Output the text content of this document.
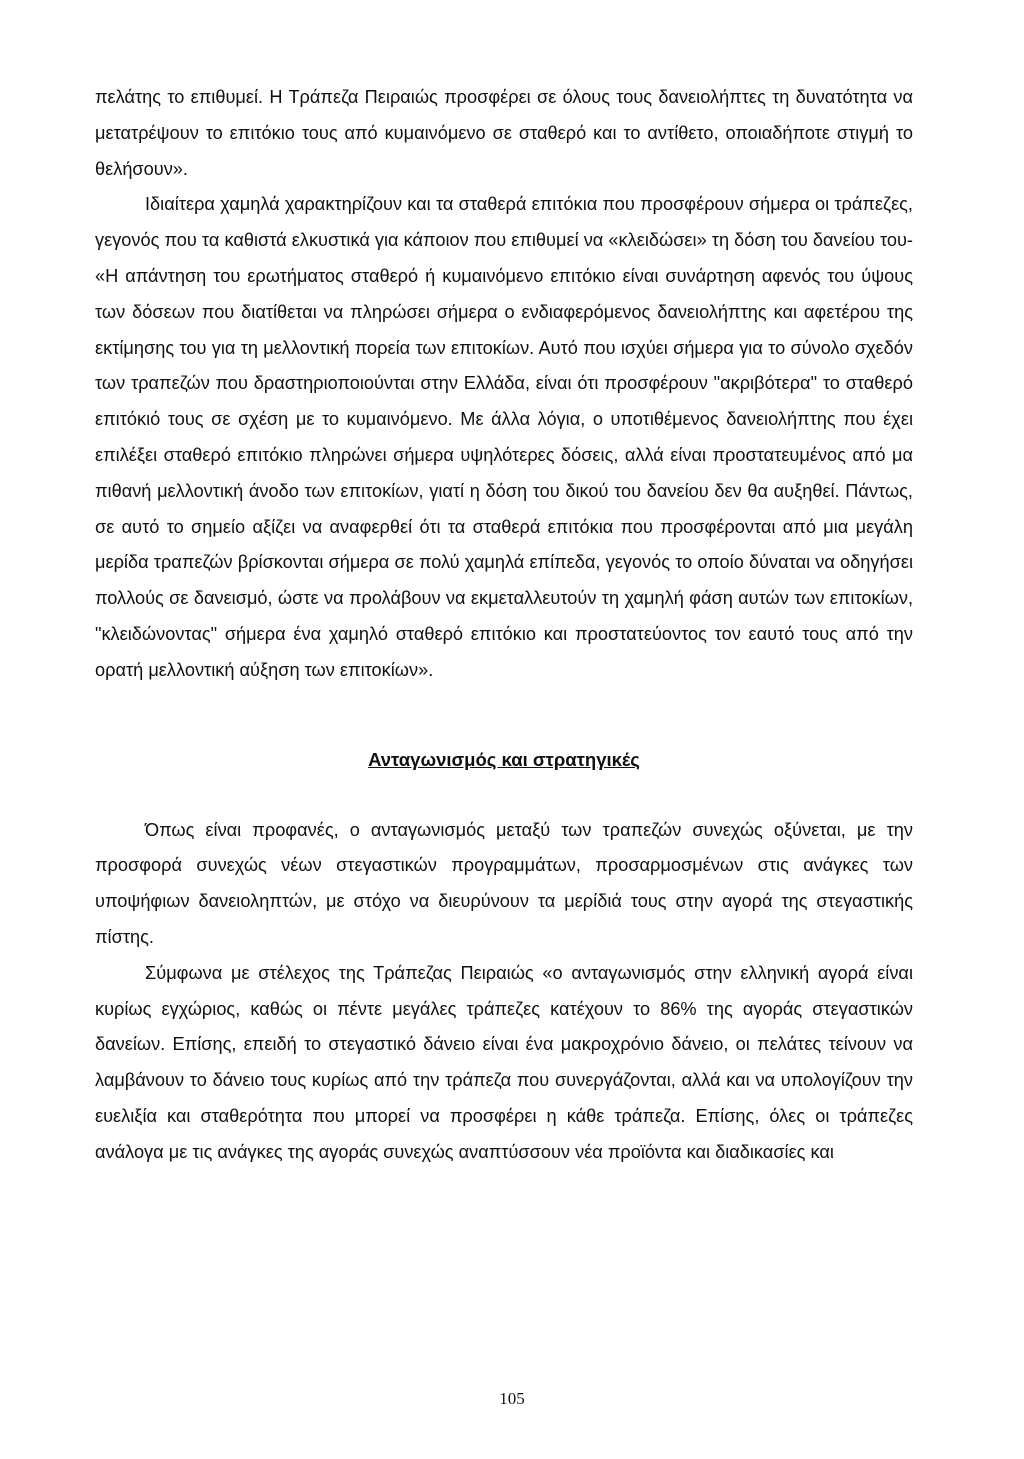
πελάτης το επιθυμεί. Η Τράπεζα Πειραιώς προσφέρει σε όλους τους δανειολήπτες τη δυνατότητα να μετατρέψουν το επιτόκιο τους από κυμαινόμενο σε σταθερό και το αντίθετο, οποιαδήποτε στιγμή το θελήσουν».

Ιδιαίτερα χαμηλά χαρακτηρίζουν και τα σταθερά επιτόκια που προσφέρουν σήμερα οι τράπεζες, γεγονός που τα καθιστά ελκυστικά για κάποιον που επιθυμεί να «κλειδώσει» τη δόση του δανείου του- «Η απάντηση του ερωτήματος σταθερό ή κυμαινόμενο επιτόκιο είναι συνάρτηση αφενός του ύψους των δόσεων που διατίθεται να πληρώσει σήμερα ο ενδιαφερόμενος δανειολήπτης και αφετέρου της εκτίμησης του για τη μελλοντική πορεία των επιτοκίων. Αυτό που ισχύει σήμερα για το σύνολο σχεδόν των τραπεζών που δραστηριοποιούνται στην Ελλάδα, είναι ότι προσφέρουν "ακριβότερα" το σταθερό επιτόκιό τους σε σχέση με το κυμαινόμενο. Με άλλα λόγια, ο υποτιθέμενος δανειολήπτης που έχει επιλέξει σταθερό επιτόκιο πληρώνει σήμερα υψηλότερες δόσεις, αλλά είναι προστατευμένος από μα πιθανή μελλοντική άνοδο των επιτοκίων, γιατί η δόση του δικού του δανείου δεν θα αυξηθεί. Πάντως, σε αυτό το σημείο αξίζει να αναφερθεί ότι τα σταθερά επιτόκια που προσφέρονται από μια μεγάλη μερίδα τραπεζών βρίσκονται σήμερα σε πολύ χαμηλά επίπεδα, γεγονός το οποίο δύναται να οδηγήσει πολλούς σε δανεισμό, ώστε να προλάβουν να εκμεταλλευτούν τη χαμηλή φάση αυτών των επιτοκίων, "κλειδώνοντας" σήμερα ένα χαμηλό σταθερό επιτόκιο και προστατεύοντος τον εαυτό τους από την ορατή μελλοντική αύξηση των επιτοκίων».

Ανταγωνισμός και στρατηγικές

Όπως είναι προφανές, ο ανταγωνισμός μεταξύ των τραπεζών συνεχώς οξύνεται, με την προσφορά συνεχώς νέων στεγαστικών προγραμμάτων, προσαρμοσμένων στις ανάγκες των υποψήφιων δανειοληπτών, με στόχο να διευρύνουν τα μερίδιά τους στην αγορά της στεγαστικής πίστης.

Σύμφωνα με στέλεχος της Τράπεζας Πειραιώς «ο ανταγωνισμός στην ελληνική αγορά είναι κυρίως εγχώριος, καθώς οι πέντε μεγάλες τράπεζες κατέχουν το 86% της αγοράς στεγαστικών δανείων. Επίσης, επειδή το στεγαστικό δάνειο είναι ένα μακροχρόνιο δάνειο, οι πελάτες τείνουν να λαμβάνουν το δάνειο τους κυρίως από την τράπεζα που συνεργάζονται, αλλά και να υπολογίζουν την ευελιξία και σταθερότητα που μπορεί να προσφέρει η κάθε τράπεζα. Επίσης, όλες οι τράπεζες ανάλογα με τις ανάγκες της αγοράς συνεχώς αναπτύσσουν νέα προϊόντα και διαδικασίες και

105
